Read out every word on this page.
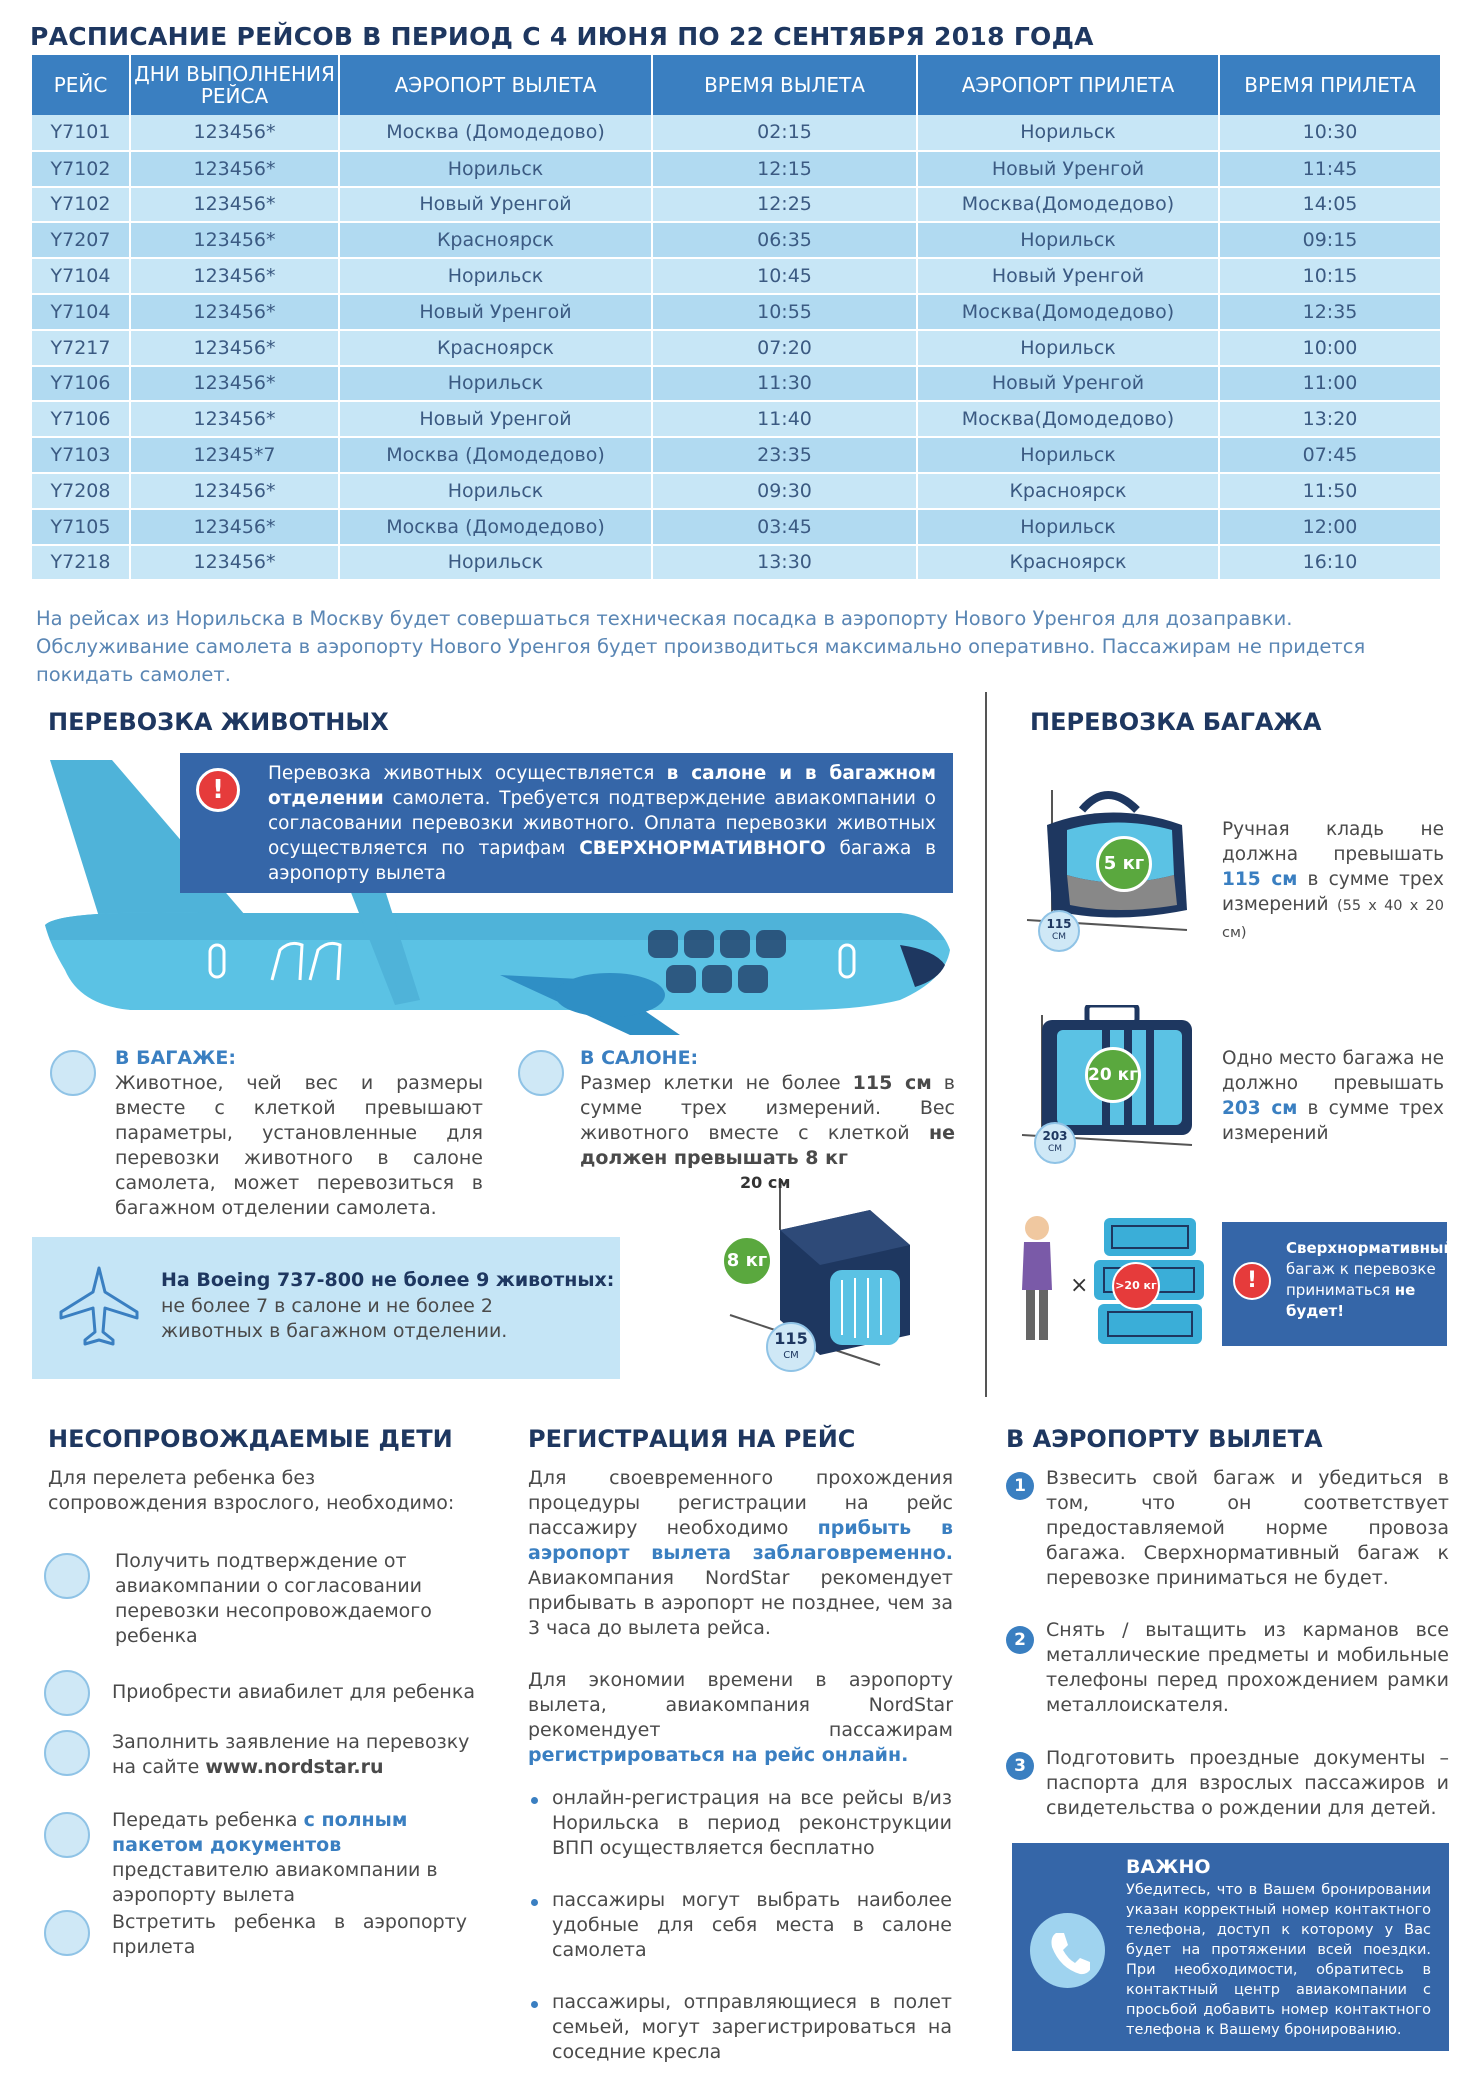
РАСПИСАНИЕ РЕЙСОВ В ПЕРИОД С 4 ИЮНЯ ПО 22 СЕНТЯБРЯ 2018 ГОДА
РЕЙС	ДНИ ВЫПОЛНЕНИЯ РЕЙСА	АЭРОПОРТ ВЫЛЕТА	ВРЕМЯ ВЫЛЕТА	АЭРОПОРТ ПРИЛЕТА	ВРЕМЯ ПРИЛЕТА
Y7101	123456*	Москва (Домодедово)	02:15	Норильск	10:30
Y7102	123456*	Норильск	12:15	Новый Уренгой	11:45
Y7102	123456*	Новый Уренгой	12:25	Москва(Домодедово)	14:05
Y7207	123456*	Красноярск	06:35	Норильск	09:15
Y7104	123456*	Норильск	10:45	Новый Уренгой	10:15
Y7104	123456*	Новый Уренгой	10:55	Москва(Домодедово)	12:35
Y7217	123456*	Красноярск	07:20	Норильск	10:00
Y7106	123456*	Норильск	11:30	Новый Уренгой	11:00
Y7106	123456*	Новый Уренгой	11:40	Москва(Домодедово)	13:20
Y7103	12345*7	Москва (Домодедово)	23:35	Норильск	07:45
Y7208	123456*	Норильск	09:30	Красноярск	11:50
Y7105	123456*	Москва (Домодедово)	03:45	Норильск	12:00
Y7218	123456*	Норильск	13:30	Красноярск	16:10
На рейсах из Норильска в Москву будет совершаться техническая посадка в аэропорту Нового Уренгоя для дозаправки. Обслуживание самолета в аэропорту Нового Уренгоя будет производиться максимально оперативно. Пассажирам не придется покидать самолет.
ПЕРЕВОЗКА ЖИВОТНЫХ
!
Перевозка животных осуществляется в салоне и в багажном отделении самолета. Требуется подтверждение авиакомпании о согласовании перевозки животного. Оплата перевозки животных осуществляется по тарифам СВЕРХНОРМАТИВНОГО багажа в аэропорту вылета
В БАГАЖЕ:
Животное, чей вес и размеры вместе с клеткой превышают параметры, установленные для перевозки животного в салоне самолета, может перевозиться в багажном отделении самолета.
В САЛОНЕ:
Размер клетки не более 115 см в сумме трех измерений. Вес животного вместе с клеткой не должен превышать 8 кг
На Boeing 737-800 не более 9 животных:
не более 7 в салоне и не более 2 животных в багажном отделении.
20 см
8 кг
115
СМ
ПЕРЕВОЗКА БАГАЖА
5 кг
115
СМ
Ручная кладь не должна превышать 115 см в сумме трех измерений (55 х 40 х 20 см)
20 кг
203
СМ
Одно место багажа не должно превышать 203 см в сумме трех измерений
× >20 кг	!
Сверхнормативный багаж к перевозке приниматься не будет!
НЕСОПРОВОЖДАЕМЫЕ ДЕТИ
Для перелета ребенка без сопровождения взрослого, необходимо:
Получить подтверждение от авиакомпании о согласовании перевозки несопровождаемого ребенка
Приобрести авиабилет для ребенка
Заполнить заявление на перевозку на сайте www.nordstar.ru
Передать ребенка с полным пакетом документов представителю авиакомпании в аэропорту вылета
Встретить ребенка в аэропорту прилета
РЕГИСТРАЦИЯ НА РЕЙС
Для своевременного прохождения процедуры регистрации на рейс пассажиру необходимо прибыть в аэропорт вылета заблаговременно. Авиакомпания NordStar рекомендует прибывать в аэропорт не позднее, чем за 3 часа до вылета рейса.
Для экономии времени в аэропорту вылета, авиакомпания NordStar рекомендует пассажирам регистрироваться на рейс онлайн.
онлайн-регистрация на все рейсы в/из Норильска в период реконструкции ВПП осуществляется бесплатно
пассажиры могут выбрать наиболее удобные для себя места в салоне самолета
пассажиры, отправляющиеся в полет семьей, могут зарегистрироваться на соседние кресла
В АЭРОПОРТУ ВЫЛЕТА
1	Взвесить свой багаж и убедиться в том, что он соответствует предоставляемой норме провоза багажа. Сверхнормативный багаж к перевозке приниматься не будет.
2	Снять / вытащить из карманов все металлические предметы и мобильные телефоны перед прохождением рамки металлоискателя.
3	Подготовить проездные документы – паспорта для взрослых пассажиров и свидетельства о рождении для детей.
ВАЖНО
Убедитесь, что в Вашем бронировании указан корректный номер контактного телефона, доступ к которому у Вас будет на протяжении всей поездки. При необходимости, обратитесь в контактный центр авиакомпании с просьбой добавить номер контактного телефона к Вашему бронированию.
